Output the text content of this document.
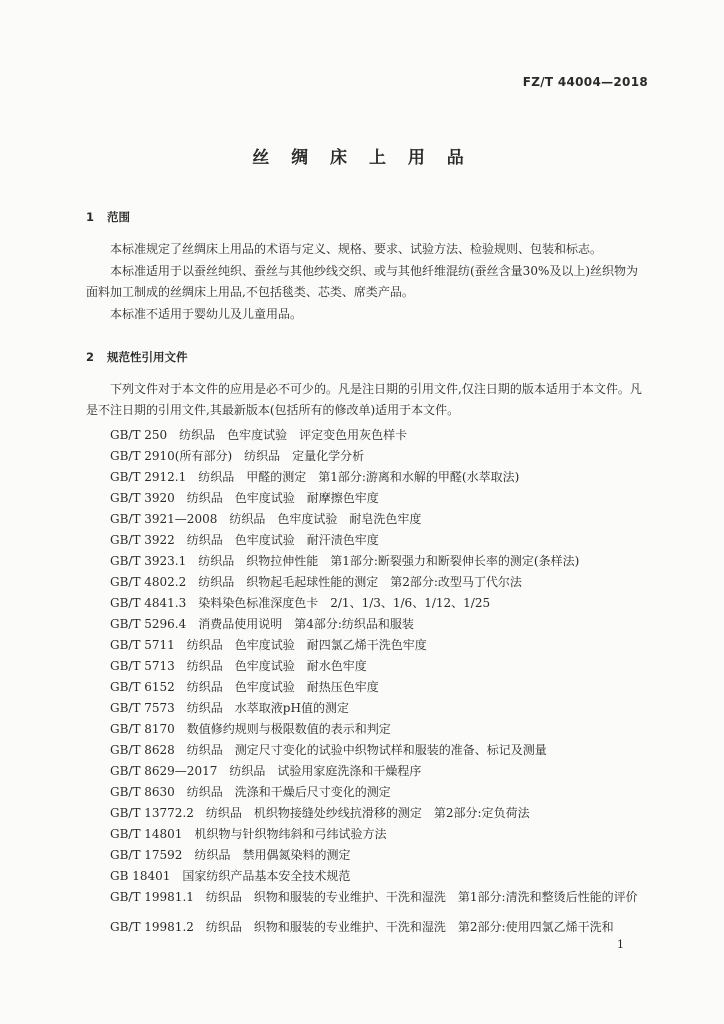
FZ/T 44004—2018
丝 绸 床 上 用 品
1 范围
本标准规定了丝绸床上用品的术语与定义、规格、要求、试验方法、检验规则、包装和标志。
本标准适用于以蚕丝纯织、蚕丝与其他纱线交织、或与其他纤维混纺(蚕丝含量30%及以上)丝织物为面料加工制成的丝绸床上用品,不包括毯类、芯类、席类产品。
本标准不适用于婴幼儿及儿童用品。
2 规范性引用文件
下列文件对于本文件的应用是必不可少的。凡是注日期的引用文件,仅注日期的版本适用于本文件。凡是不注日期的引用文件,其最新版本(包括所有的修改单)适用于本文件。
GB/T 250　纺织品　色牢度试验　评定变色用灰色样卡
GB/T 2910(所有部分)　纺织品　定量化学分析
GB/T 2912.1　纺织品　甲醛的测定　第1部分:游离和水解的甲醛(水萃取法)
GB/T 3920　纺织品　色牢度试验　耐摩擦色牢度
GB/T 3921—2008　纺织品　色牢度试验　耐皂洗色牢度
GB/T 3922　纺织品　色牢度试验　耐汗渍色牢度
GB/T 3923.1　纺织品　织物拉伸性能　第1部分:断裂强力和断裂伸长率的测定(条样法)
GB/T 4802.2　纺织品　织物起毛起球性能的测定　第2部分:改型马丁代尔法
GB/T 4841.3　染料染色标准深度色卡　2/1、1/3、1/6、1/12、1/25
GB/T 5296.4　消费品使用说明　第4部分:纺织品和服装
GB/T 5711　纺织品　色牢度试验　耐四氯乙烯干洗色牢度
GB/T 5713　纺织品　色牢度试验　耐水色牢度
GB/T 6152　纺织品　色牢度试验　耐热压色牢度
GB/T 7573　纺织品　水萃取液pH值的测定
GB/T 8170　数值修约规则与极限数值的表示和判定
GB/T 8628　纺织品　测定尺寸变化的试验中织物试样和服装的准备、标记及测量
GB/T 8629—2017　纺织品　试验用家庭洗涤和干燥程序
GB/T 8630　纺织品　洗涤和干燥后尺寸变化的测定
GB/T 13772.2　纺织品　机织物接缝处纱线抗滑移的测定　第2部分:定负荷法
GB/T 14801　机织物与针织物纬斜和弓纬试验方法
GB/T 17592　纺织品　禁用偶氮染料的测定
GB 18401　国家纺织产品基本安全技术规范
GB/T 19981.1　纺织品　织物和服装的专业维护、干洗和湿洗　第1部分:清洗和整烫后性能的评价
GB/T 19981.2　纺织品　织物和服装的专业维护、干洗和湿洗　第2部分:使用四氯乙烯干洗和
1
